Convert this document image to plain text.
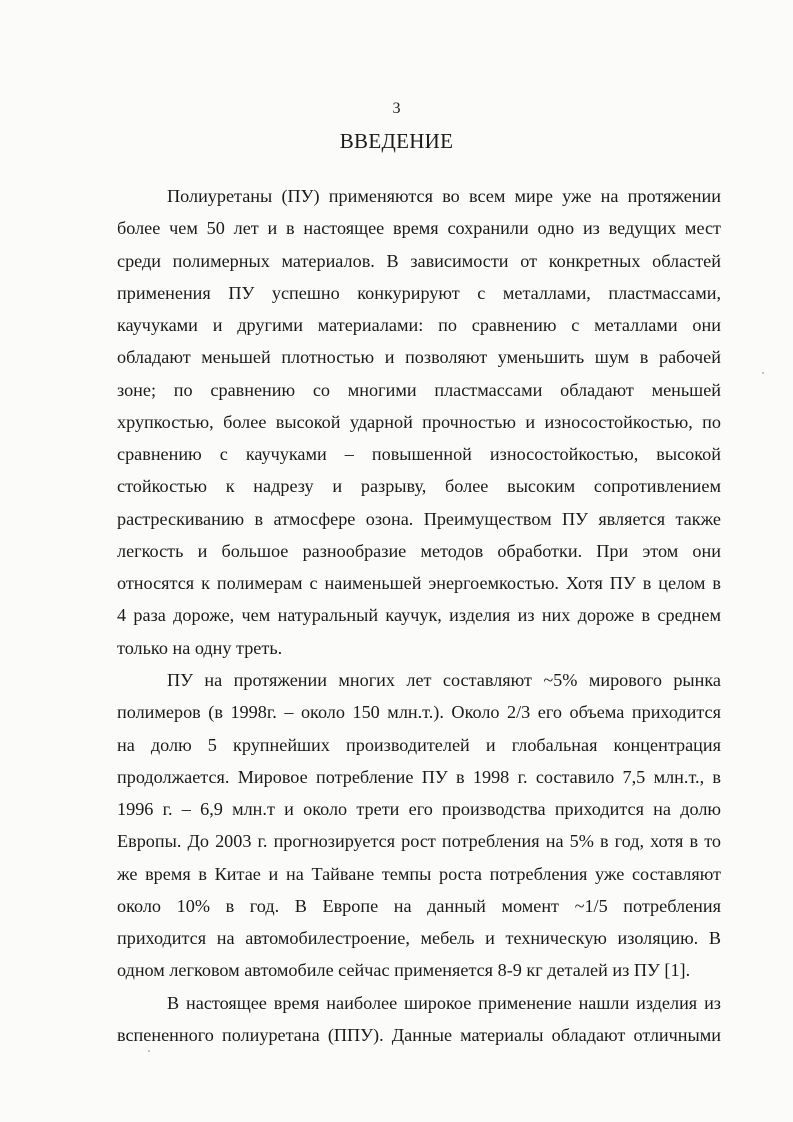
3
ВВЕДЕНИЕ
Полиуретаны (ПУ) применяются во всем мире уже на протяжении
более чем 50 лет и в настоящее время сохранили одно из ведущих мест
среди полимерных материалов. В зависимости от конкретных областей
применения ПУ успешно конкурируют с металлами, пластмассами,
каучуками и другими материалами: по сравнению с металлами они
обладают меньшей плотностью и позволяют уменьшить шум в рабочей
зоне; по сравнению со многими пластмассами обладают меньшей
хрупкостью, более высокой ударной прочностью и износостойкостью, по
сравнению с каучуками – повышенной износостойкостью, высокой
стойкостью к надрезу и разрыву, более высоким сопротивлением
растрескиванию в атмосфере озона. Преимуществом ПУ является также
легкость и большое разнообразие методов обработки. При этом они
относятся к полимерам с наименьшей энергоемкостью. Хотя ПУ в целом в
4 раза дороже, чем натуральный каучук, изделия из них дороже в среднем
только на одну треть.
ПУ на протяжении многих лет составляют ~5% мирового рынка
полимеров (в 1998г. – около 150 млн.т.). Около 2/3 его объема приходится
на долю 5 крупнейших производителей и глобальная концентрация
продолжается. Мировое потребление ПУ в 1998 г. составило 7,5 млн.т., в
1996 г. – 6,9 млн.т и около трети его производства приходится на долю
Европы. До 2003 г. прогнозируется рост потребления на 5% в год, хотя в то
же время в Китае и на Тайване темпы роста потребления уже составляют
около 10% в год. В Европе на данный момент ~1/5 потребления
приходится на автомобилестроение, мебель и техническую изоляцию. В
одном легковом автомобиле сейчас применяется 8-9 кг деталей из ПУ [1].
В настоящее время наиболее широкое применение нашли изделия из
вспененного полиуретана (ППУ). Данные материалы обладают отличными
